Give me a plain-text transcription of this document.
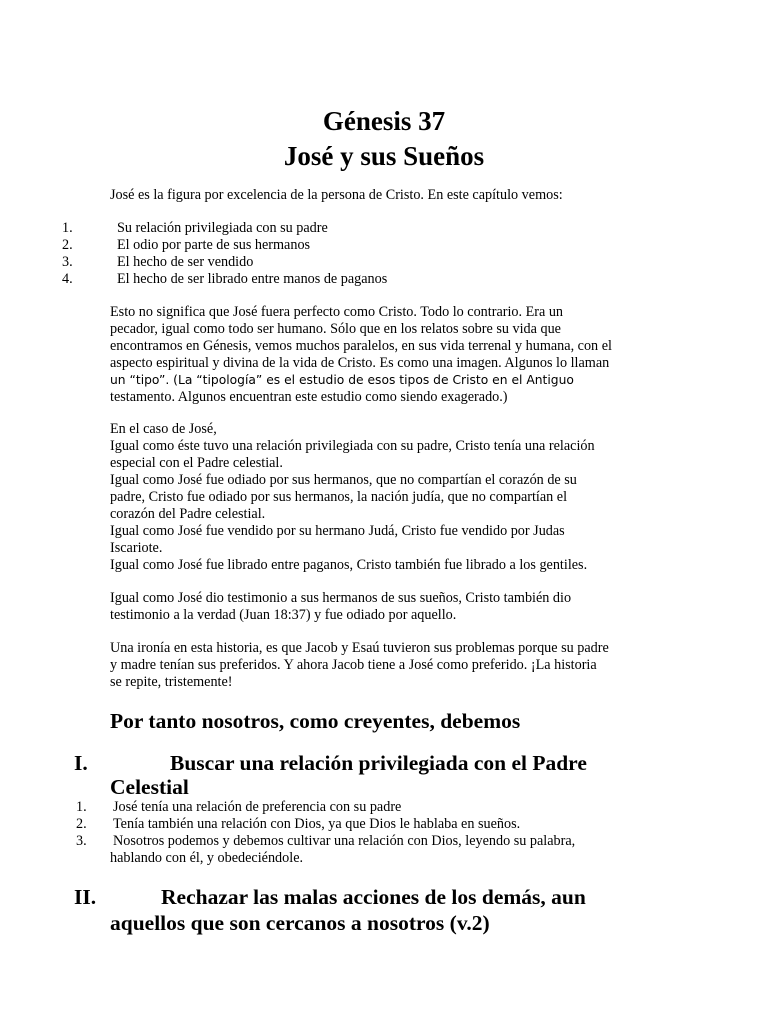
Génesis 37
José y sus Sueños
José es la figura por excelencia de la persona de Cristo. En este capítulo vemos:
1.	Su relación privilegiada con su padre
2.	El odio por parte de sus hermanos
3.	El hecho de ser vendido
4.	El hecho de ser librado entre manos de paganos
Esto no significa que José fuera perfecto como Cristo. Todo lo contrario. Era un
pecador, igual como todo ser humano. Sólo que en los relatos sobre su vida que
encontramos en Génesis, vemos muchos paralelos, en sus vida terrenal y humana, con el
aspecto espiritual y divina de la vida de Cristo. Es como una imagen. Algunos lo llaman
un “tipo”. (La “tipología” es el estudio de esos tipos de Cristo en el Antiguo
testamento. Algunos encuentran este estudio como siendo exagerado.)
En el caso de José,
Igual como éste tuvo una relación privilegiada con su padre, Cristo tenía una relación
especial con el Padre celestial.
Igual como José fue odiado por sus hermanos, que no compartían el corazón de su
padre, Cristo fue odiado por sus hermanos, la nación judía, que no compartían el
corazón del Padre celestial.
Igual como José fue vendido por su hermano Judá, Cristo fue vendido por Judas
Iscariote.
Igual como José fue librado entre paganos, Cristo también fue librado a los gentiles.
Igual como José dio testimonio a sus hermanos de sus sueños, Cristo también dio
testimonio a la verdad (Juan 18:37) y fue odiado por aquello.
Una ironía en esta historia, es que Jacob y Esaú tuvieron sus problemas porque su padre
y madre tenían sus preferidos. Y ahora Jacob tiene a José como preferido. ¡La historia
se repite, tristemente!
Por tanto nosotros, como creyentes, debemos
I.	Buscar una relación privilegiada con el Padre
Celestial
1. José tenía una relación de preferencia con su padre
2. Tenía también una relación con Dios, ya que Dios le hablaba en sueños.
3. Nosotros podemos y debemos cultivar una relación con Dios, leyendo su palabra,
hablando con él, y obedeciéndole.
II.	Rechazar las malas acciones de los demás, aun
aquellos que son cercanos a nosotros (v.2)
